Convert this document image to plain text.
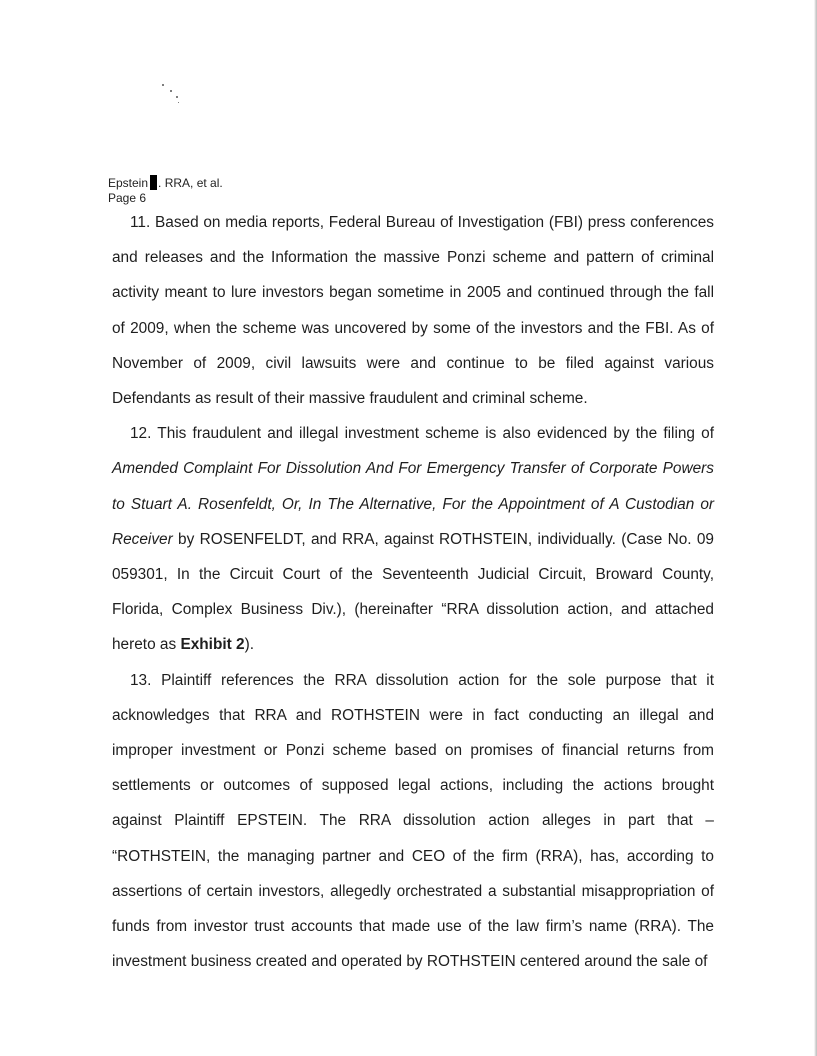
Epstein . RRA, et al.
Page 6

11. Based on media reports, Federal Bureau of Investigation (FBI) press conferences and releases and the Information the massive Ponzi scheme and pattern of criminal activity meant to lure investors began sometime in 2005 and continued through the fall of 2009, when the scheme was uncovered by some of the investors and the FBI. As of November of 2009, civil lawsuits were and continue to be filed against various Defendants as result of their massive fraudulent and criminal scheme.

12. This fraudulent and illegal investment scheme is also evidenced by the filing of Amended Complaint For Dissolution And For Emergency Transfer of Corporate Powers to Stuart A. Rosenfeldt, Or, In The Alternative, For the Appointment of A Custodian or Receiver by ROSENFELDT, and RRA, against ROTHSTEIN, individually. (Case No. 09 059301, In the Circuit Court of the Seventeenth Judicial Circuit, Broward County, Florida, Complex Business Div.), (hereinafter “RRA dissolution action, and attached hereto as Exhibit 2).

13. Plaintiff references the RRA dissolution action for the sole purpose that it acknowledges that RRA and ROTHSTEIN were in fact conducting an illegal and improper investment or Ponzi scheme based on promises of financial returns from settlements or outcomes of supposed legal actions, including the actions brought against Plaintiff EPSTEIN. The RRA dissolution action alleges in part that – “ROTHSTEIN, the managing partner and CEO of the firm (RRA), has, according to assertions of certain investors, allegedly orchestrated a substantial misappropriation of funds from investor trust accounts that made use of the law firm’s name (RRA). The investment business created and operated by ROTHSTEIN centered around the sale of
